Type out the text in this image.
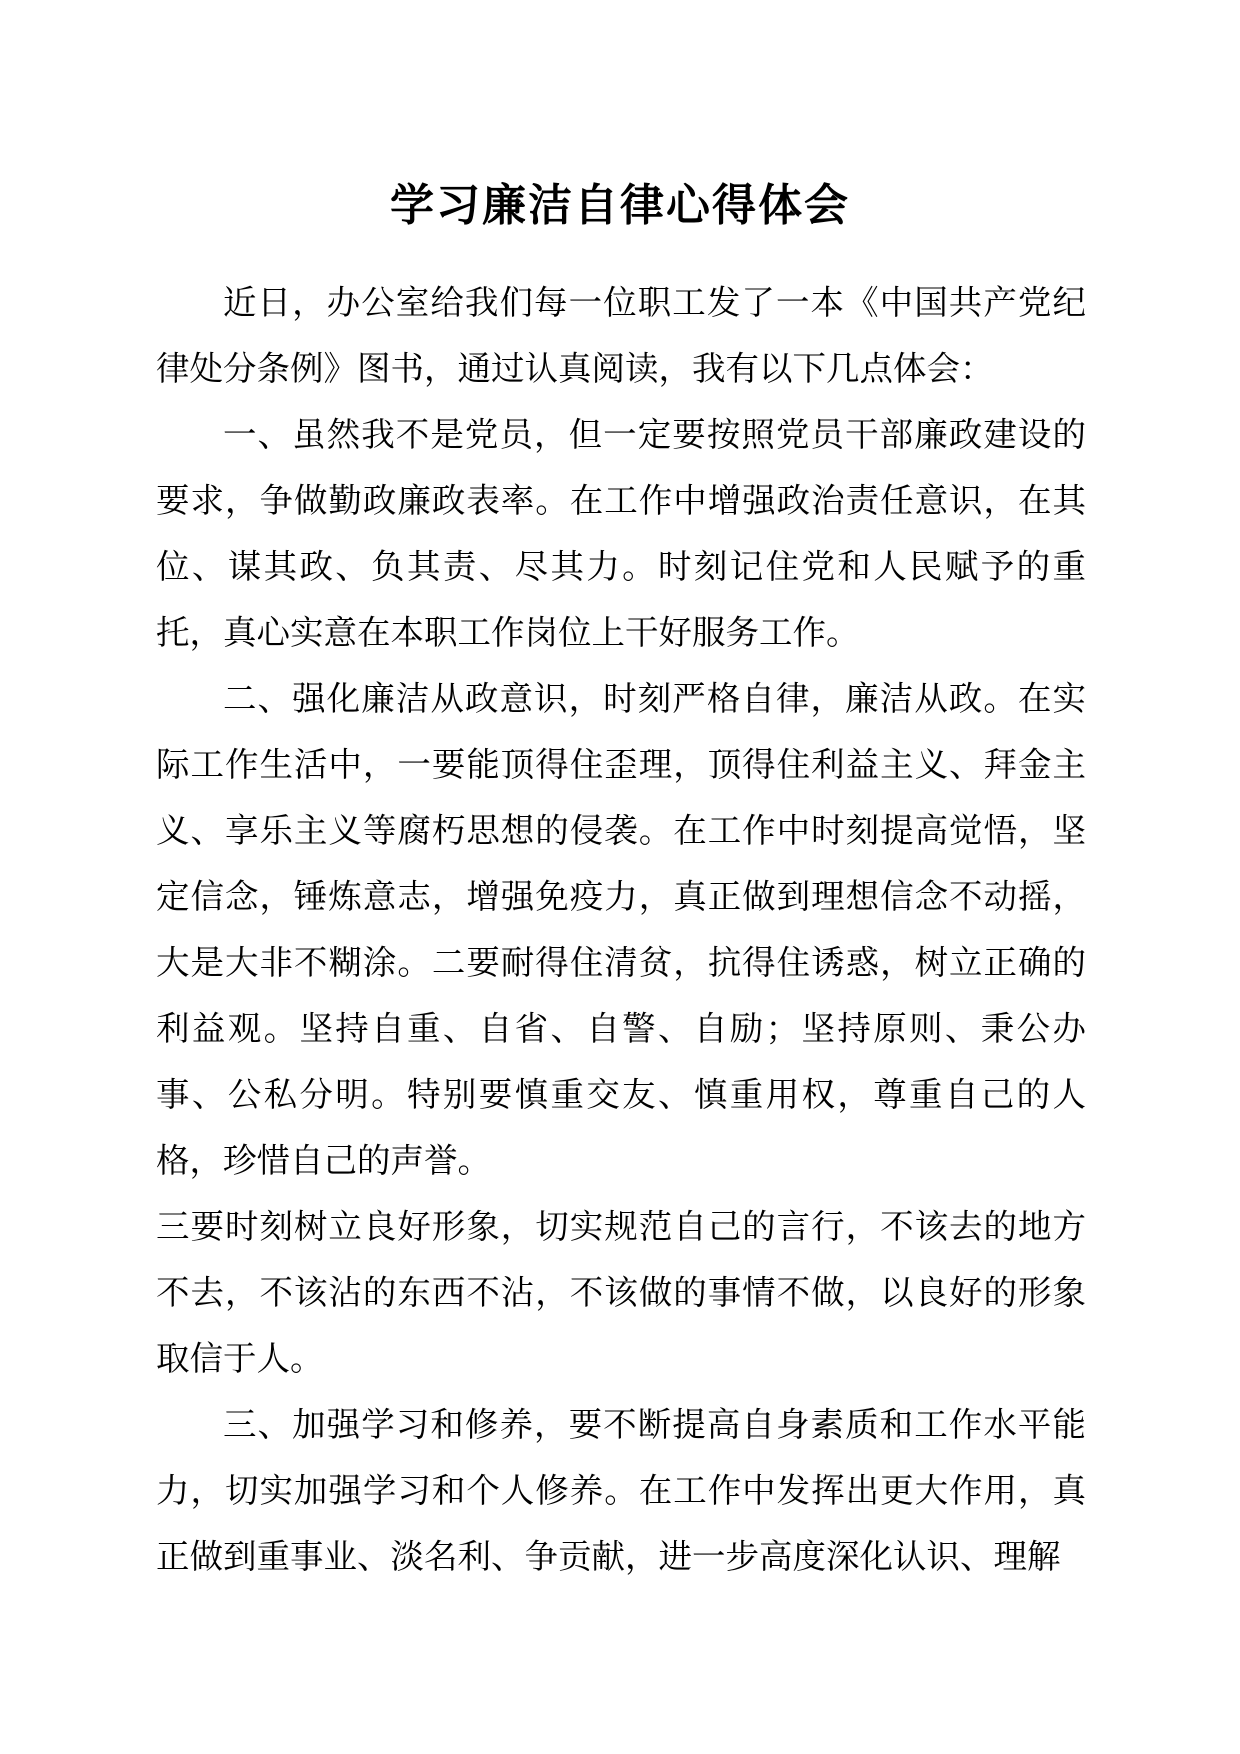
学习廉洁自律心得体会

近日，办公室给我们每一位职工发了一本《中国共产党纪律处分条例》图书，通过认真阅读，我有以下几点体会：

一、虽然我不是党员，但一定要按照党员干部廉政建设的要求，争做勤政廉政表率。在工作中增强政治责任意识，在其位、谋其政、负其责、尽其力。时刻记住党和人民赋予的重托，真心实意在本职工作岗位上干好服务工作。

二、强化廉洁从政意识，时刻严格自律，廉洁从政。在实际工作生活中，一要能顶得住歪理，顶得住利益主义、拜金主义、享乐主义等腐朽思想的侵袭。在工作中时刻提高觉悟，坚定信念，锤炼意志，增强免疫力，真正做到理想信念不动摇，大是大非不糊涂。二要耐得住清贫，抗得住诱惑，树立正确的利益观。坚持自重、自省、自警、自励；坚持原则、秉公办事、公私分明。特别要慎重交友、慎重用权，尊重自己的人格，珍惜自己的声誉。

三要时刻树立良好形象，切实规范自己的言行，不该去的地方不去，不该沾的东西不沾，不该做的事情不做，以良好的形象取信于人。

三、加强学习和修养，要不断提高自身素质和工作水平能力，切实加强学习和个人修养。在工作中发挥出更大作用，真正做到重事业、淡名利、争贡献，进一步高度深化认识、理解
